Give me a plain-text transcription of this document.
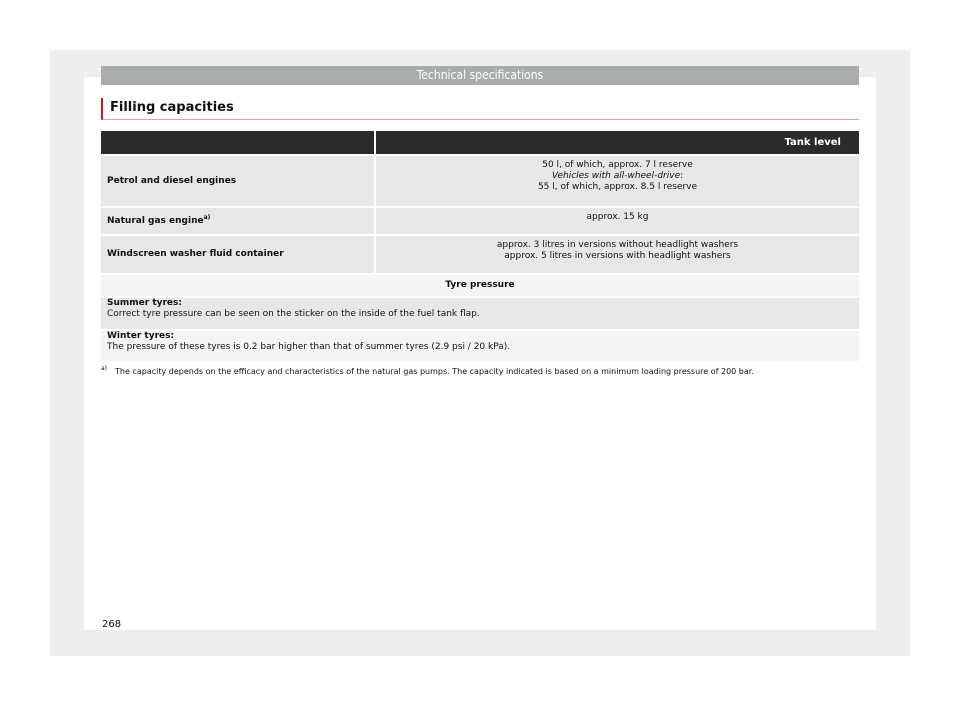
Technical specifications
Filling capacities
	Tank level

Petrol and diesel engines	50 l, of which, approx. 7 l reserve
Vehicles with all-wheel-drive:
55 l, of which, approx. 8.5 l reserve

Natural gas engine$^{a)}$	approx. 15 kg

Windscreen washer fluid container	approx. 3 litres in versions without headlight washers
approx. 5 litres in versions with headlight washers

Tyre pressure	

Summer tyres:
Correct tyre pressure can be seen on the sticker on the inside of the fuel tank flap.	

Winter tyres:
The pressure of these tyres is 0.2 bar higher than that of summer tyres (2.9 psi / 20 kPa).	
$^{a)}$ The capacity depends on the efficacy and characteristics of the natural gas pumps. The capacity indicated is based on a minimum loading pressure of 200 bar.
268
